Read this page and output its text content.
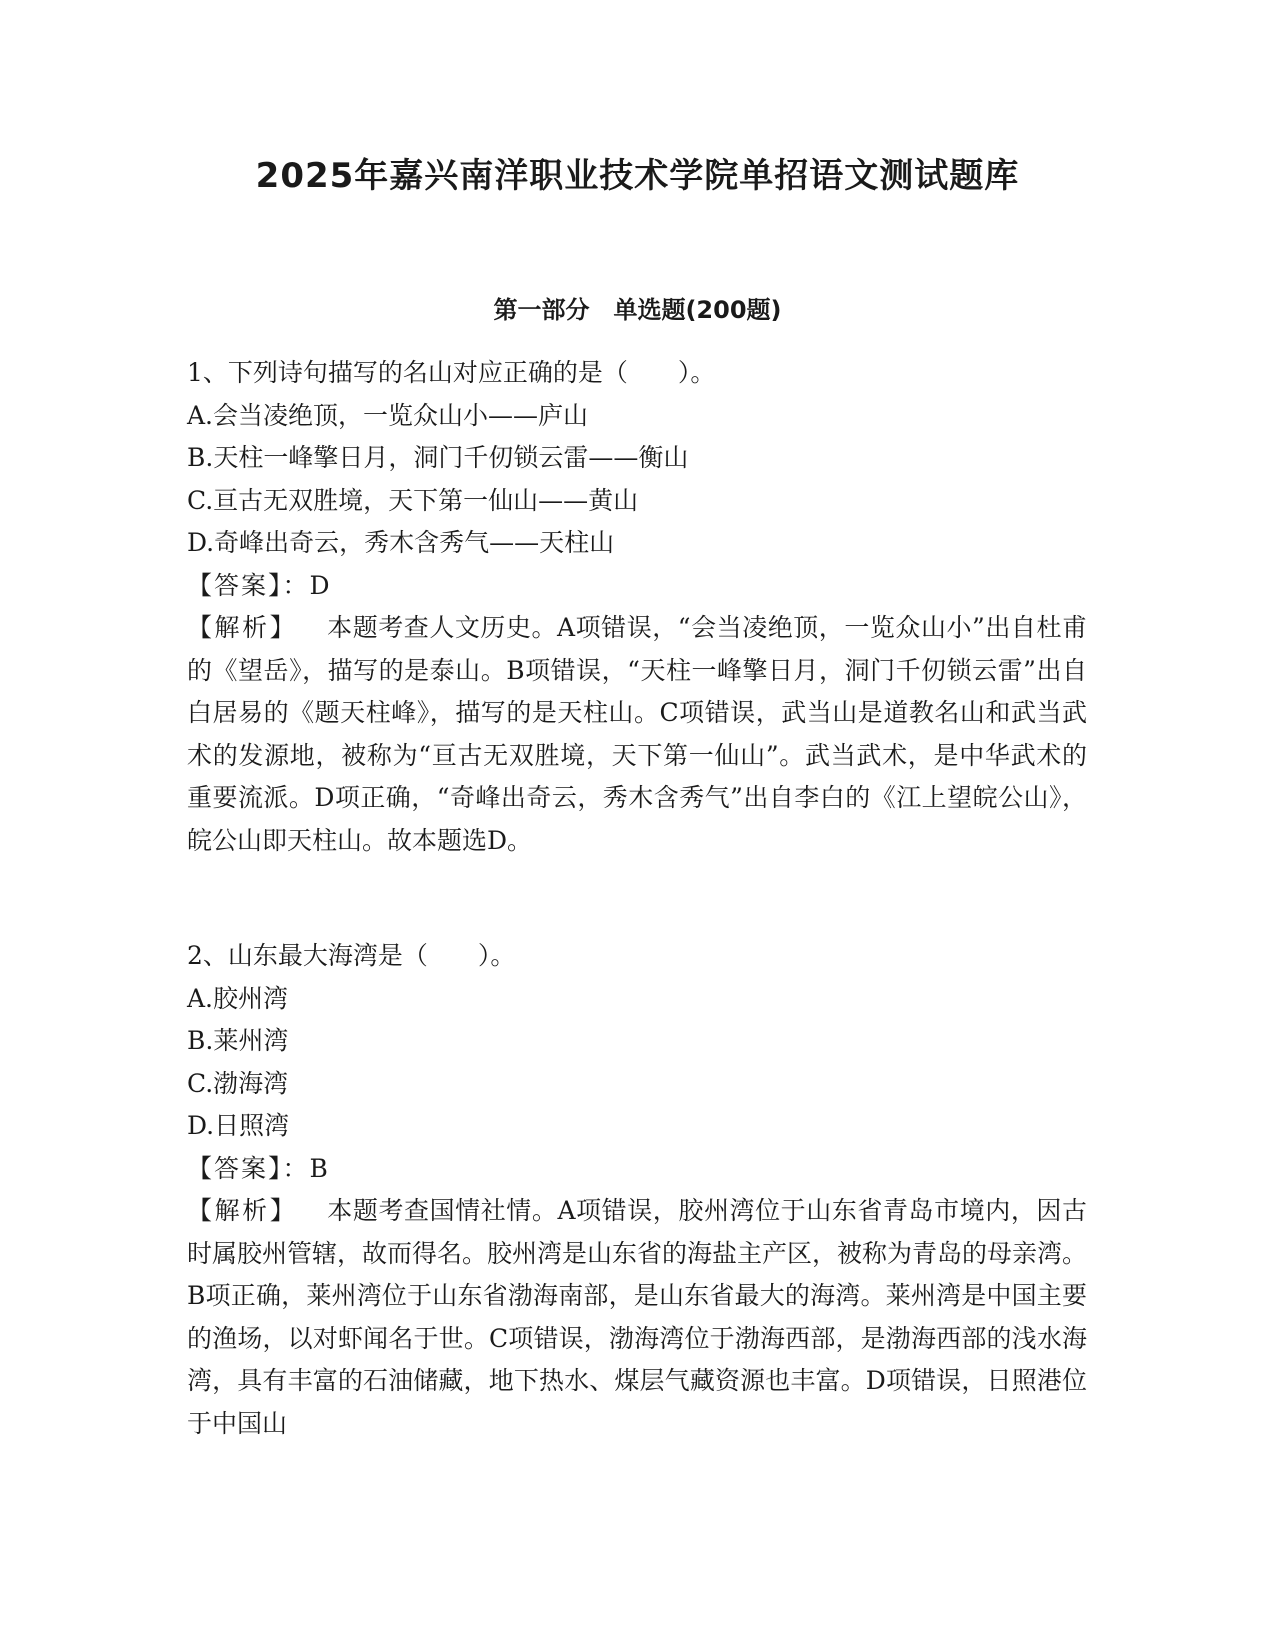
2025年嘉兴南洋职业技术学院单招语文测试题库
第一部分　单选题(200题)
1、下列诗句描写的名山对应正确的是（　　）。
A.会当凌绝顶，一览众山小——庐山
B.天柱一峰擎日月，洞门千仞锁云雷——衡山
C.亘古无双胜境，天下第一仙山——黄山
D.奇峰出奇云，秀木含秀气——天柱山
【答案】：D
【解析】 本题考查人文历史。A项错误，“会当凌绝顶，一览众山小”出自杜甫的《望岳》，描写的是泰山。B项错误，“天柱一峰擎日月，洞门千仞锁云雷”出自白居易的《题天柱峰》，描写的是天柱山。C项错误，武当山是道教名山和武当武术的发源地，被称为“亘古无双胜境，天下第一仙山”。武当武术，是中华武术的重要流派。D项正确，“奇峰出奇云，秀木含秀气”出自李白的《江上望皖公山》，皖公山即天柱山。故本题选D。
2、山东最大海湾是（　　）。
A.胶州湾
B.莱州湾
C.渤海湾
D.日照湾
【答案】：B
【解析】 本题考查国情社情。A项错误，胶州湾位于山东省青岛市境内，因古时属胶州管辖，故而得名。胶州湾是山东省的海盐主产区，被称为青岛的母亲湾。B项正确，莱州湾位于山东省渤海南部，是山东省最大的海湾。莱州湾是中国主要的渔场，以对虾闻名于世。C项错误，渤海湾位于渤海西部，是渤海西部的浅水海湾，具有丰富的石油储藏，地下热水、煤层气藏资源也丰富。D项错误，日照港位于中国山
